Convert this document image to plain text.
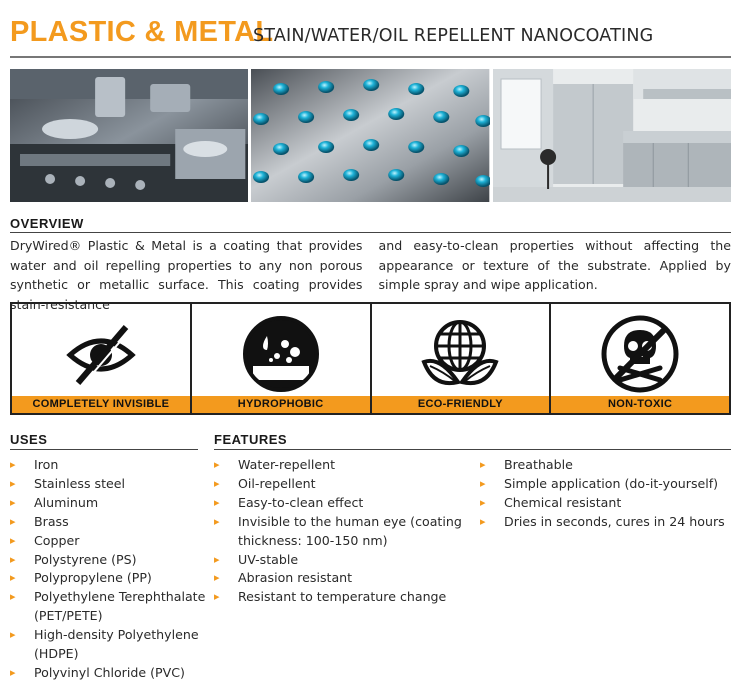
PLASTIC & METAL
STAIN/WATER/OIL REPELLENT NANOCOATING
OVERVIEW

DryWired® Plastic & Metal is a coating that provides water and oil repelling properties to any non porous synthetic or metallic surface. This coating provides stain-resistance

and easy-to-clean properties without affecting the appearance or texture of the substrate. Applied by simple spray and wipe application.

COMPLETELY INVISIBLE	HYDROPHOBIC	ECO-FRIENDLY	NON-TOXIC
USES	FEATURES
▸ Iron
▸ Stainless steel
▸ Aluminum
▸ Brass
▸ Copper
▸ Polystyrene (PS)
▸ Polypropylene (PP)
▸ Polyethylene Terephthalate (PET/PETE)
▸ High-density Polyethylene (HDPE)
▸ Polyvinyl Chloride (PVC)
▸ Water-repellent
▸ Oil-repellent
▸ Easy-to-clean effect
▸ Invisible to the human eye (coating thickness: 100-150 nm)
▸ UV-stable
▸ Abrasion resistant
▸ Resistant to temperature change
▸ Breathable
▸ Simple application (do-it-yourself)
▸ Chemical resistant
▸ Dries in seconds, cures in 24 hours
